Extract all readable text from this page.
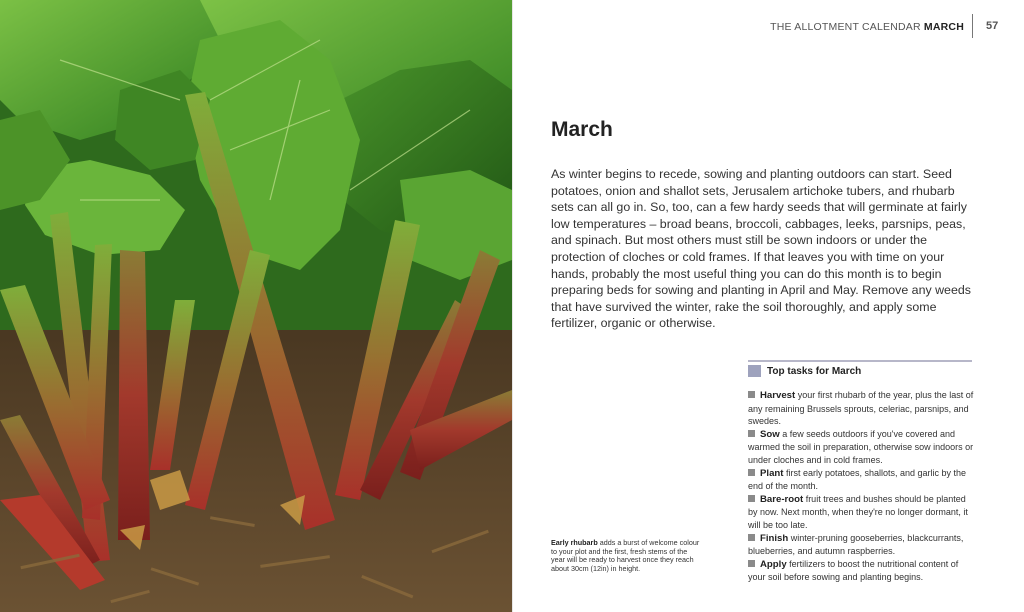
Early rhubarb adds a burst of welcome colour to your plot and the first, fresh stems of the year will be ready to harvest once they reach about 30cm (12in) in height.
THE ALLOTMENT CALENDAR MARCH 57
March

As winter begins to recede, sowing and planting outdoors can start. Seed potatoes, onion and shallot sets, Jerusalem artichoke tubers, and rhubarb sets can all go in. So, too, can a few hardy seeds that will germinate at fairly low temperatures – broad beans, broccoli, cabbages, leeks, parsnips, peas, and spinach. But most others must still be sown indoors or under the protection of cloches or cold frames. If that leaves you with time on your hands, probably the most useful thing you can do this month is to begin preparing beds for sowing and planting in April and May. Remove any weeds that have survived the winter, rake the soil thoroughly, and apply some fertilizer, organic or otherwise.

Top tasks for March
Harvest your first rhubarb of the year, plus the last of any remaining Brussels sprouts, celeriac, parsnips, and swedes.
Sow a few seeds outdoors if you've covered and warmed the soil in preparation, otherwise sow indoors or under cloches and in cold frames.
Plant first early potatoes, shallots, and garlic by the end of the month.
Bare-root fruit trees and bushes should be planted by now. Next month, when they're no longer dormant, it will be too late.
Finish winter-pruning gooseberries, blackcurrants, blueberries, and autumn raspberries.
Apply fertilizers to boost the nutritional content of your soil before sowing and planting begins.
